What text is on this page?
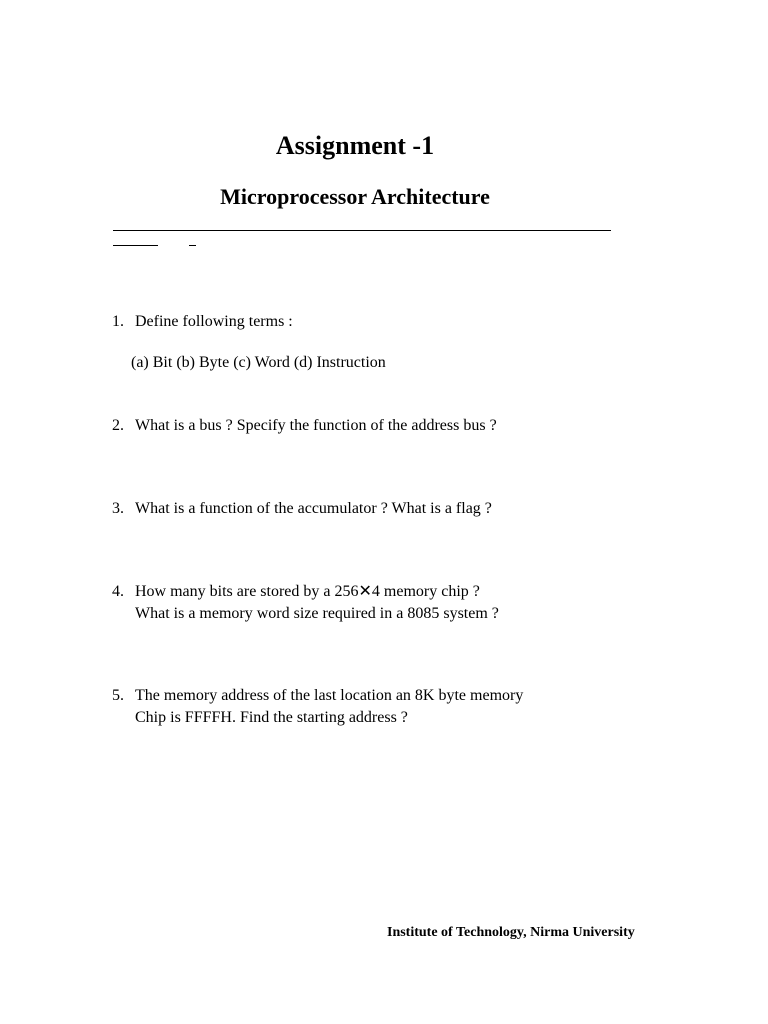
Assignment -1
Microprocessor Architecture
1. Define following terms :
(a) Bit (b) Byte (c) Word (d) Instruction
2. What is a bus ? Specify the function of the address bus ?
3. What is a function of the accumulator ? What is a flag ?
4. How many bits are stored by a 256✕4 memory chip ?
What is a memory word size required in a 8085 system ?
5. The memory address of the last location an 8K byte memory
Chip is FFFFH. Find the starting address ?
Institute of Technology, Nirma University
